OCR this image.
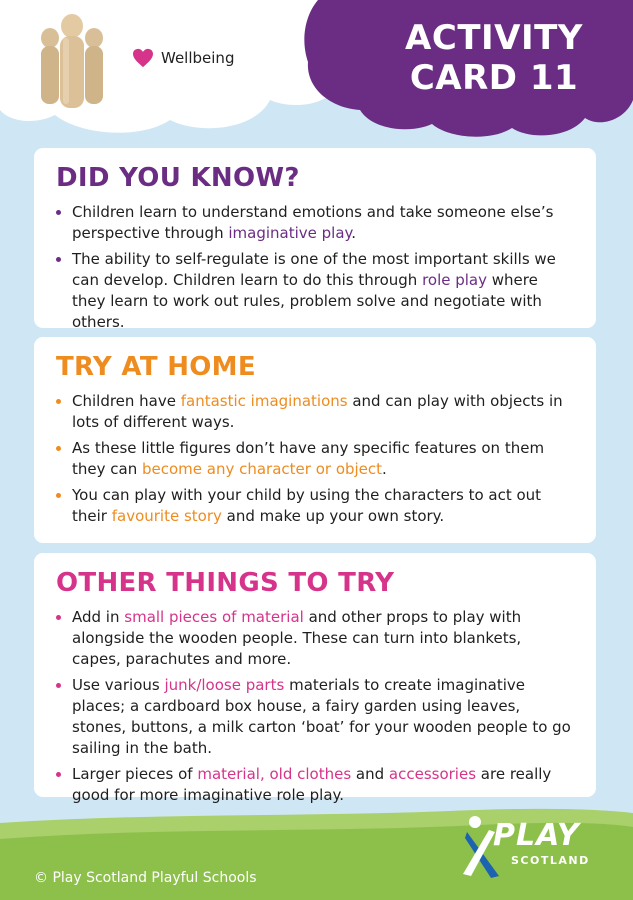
Wellbeing	ACTIVITY
CARD 11
DID YOU KNOW?
Children learn to understand emotions and take someone else’s perspective through imaginative play.
The ability to self-regulate is one of the most important skills we can develop. Children learn to do this through role play where they learn to work out rules, problem solve and negotiate with others.
TRY AT HOME
Children have fantastic imaginations and can play with objects in lots of different ways.
As these little figures don’t have any specific features on them they can become any character or object.
You can play with your child by using the characters to act out their favourite story and make up your own story.
OTHER THINGS TO TRY
Add in small pieces of material and other props to play with alongside the wooden people. These can turn into blankets, capes, parachutes and more.
Use various junk/loose parts materials to create imaginative places; a cardboard box house, a fairy garden using leaves, stones, buttons, a milk carton ‘boat’ for your wooden people to go sailing in the bath.
Larger pieces of material, old clothes and accessories are really good for more imaginative role play.
© Play Scotland Playful Schools
PLAY
SCOTLAND
